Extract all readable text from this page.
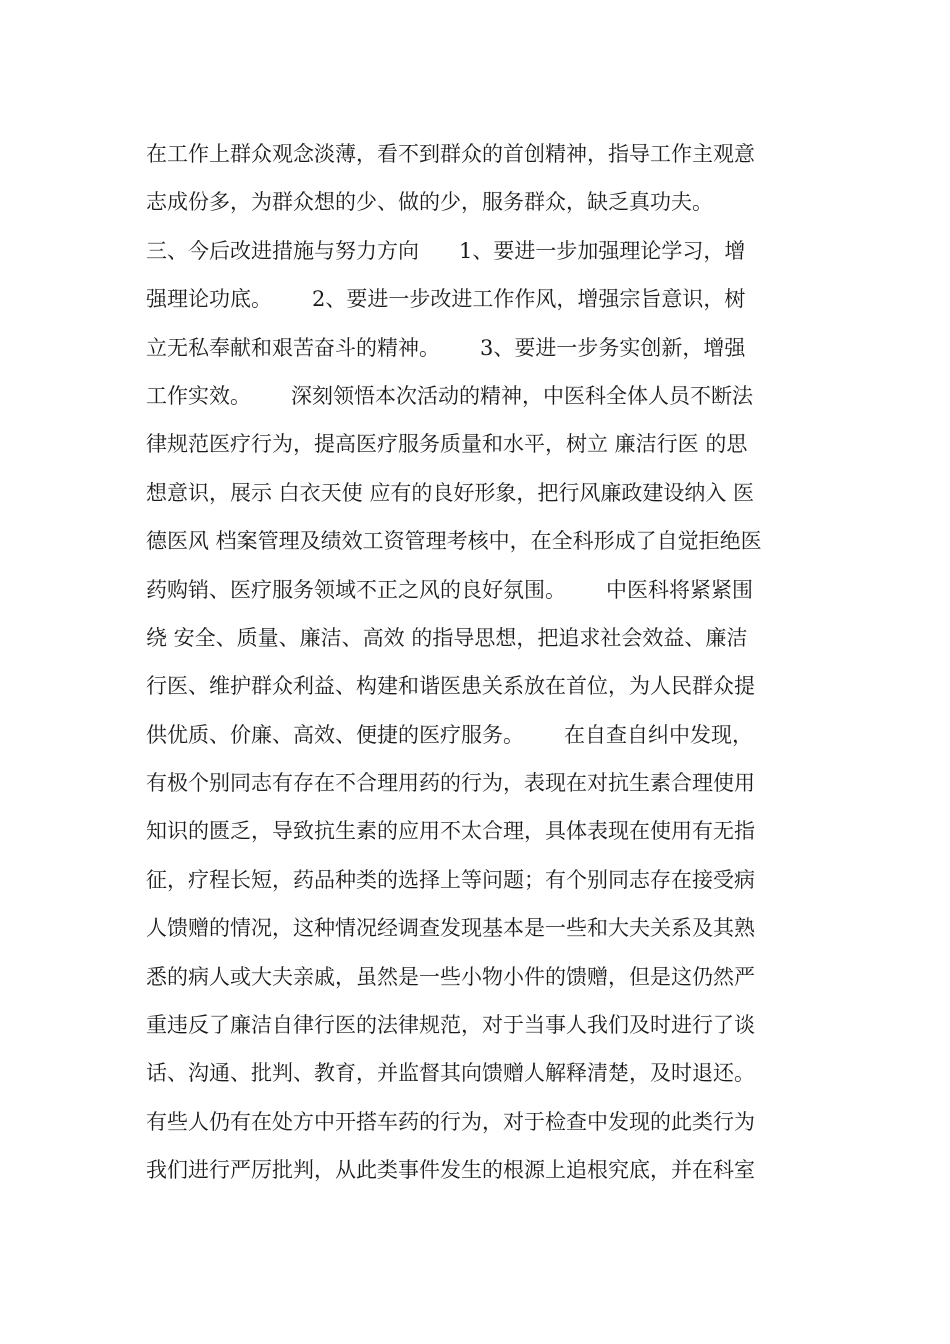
在工作上群众观念淡薄，看不到群众的首创精神，指导工作主观意
志成份多，为群众想的少、做的少，服务群众，缺乏真功夫。
三、今后改进措施与努力方向      1、要进一步加强理论学习，增
强理论功底。      2、要进一步改进工作作风，增强宗旨意识，树
立无私奉献和艰苦奋斗的精神。      3、要进一步务实创新，增强
工作实效。      深刻领悟本次活动的精神，中医科全体人员不断法
律规范医疗行为，提高医疗服务质量和水平，树立 廉洁行医 的思
想意识，展示 白衣天使 应有的良好形象，把行风廉政建设纳入 医
德医风 档案管理及绩效工资管理考核中，在全科形成了自觉拒绝医
药购销、医疗服务领域不正之风的良好氛围。      中医科将紧紧围
绕 安全、质量、廉洁、高效 的指导思想，把追求社会效益、廉洁
行医、维护群众利益、构建和谐医患关系放在首位，为人民群众提
供优质、价廉、高效、便捷的医疗服务。      在自查自纠中发现，
有极个别同志有存在不合理用药的行为，表现在对抗生素合理使用
知识的匮乏，导致抗生素的应用不太合理，具体表现在使用有无指
征，疗程长短，药品种类的选择上等问题；有个别同志存在接受病
人馈赠的情况，这种情况经调查发现基本是一些和大夫关系及其熟
悉的病人或大夫亲戚，虽然是一些小物小件的馈赠，但是这仍然严
重违反了廉洁自律行医的法律规范，对于当事人我们及时进行了谈
话、沟通、批判、教育，并监督其向馈赠人解释清楚，及时退还。
有些人仍有在处方中开搭车药的行为，对于检查中发现的此类行为
我们进行严厉批判，从此类事件发生的根源上追根究底，并在科室
